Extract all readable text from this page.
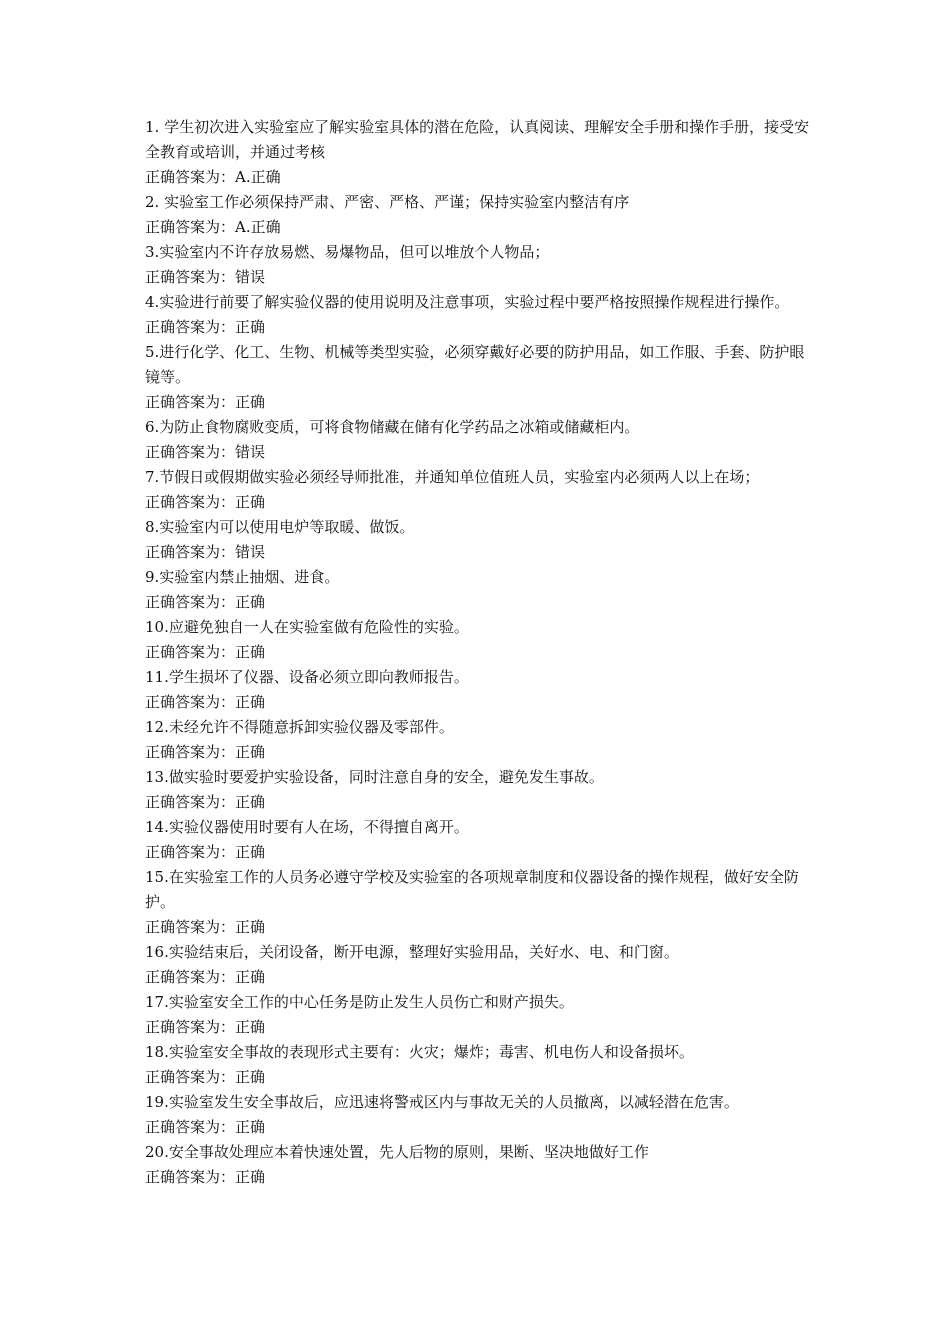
1. 学生初次进入实验室应了解实验室具体的潜在危险，认真阅读、理解安全手册和操作手册，接受安全教育或培训，并通过考核

正确答案为：A.正确

2. 实验室工作必须保持严肃、严密、严格、严谨；保持实验室内整洁有序

正确答案为：A.正确

3.实验室内不许存放易燃、易爆物品，但可以堆放个人物品；

正确答案为：错误

4.实验进行前要了解实验仪器的使用说明及注意事项，实验过程中要严格按照操作规程进行操作。

正确答案为：正确

5.进行化学、化工、生物、机械等类型实验，必须穿戴好必要的防护用品，如工作服、手套、防护眼镜等。

正确答案为：正确

6.为防止食物腐败变质，可将食物储藏在储有化学药品之冰箱或储藏柜内。

正确答案为：错误

7.节假日或假期做实验必须经导师批准，并通知单位值班人员，实验室内必须两人以上在场；

正确答案为：正确

8.实验室内可以使用电炉等取暖、做饭。

正确答案为：错误

9.实验室内禁止抽烟、进食。

正确答案为：正确

10.应避免独自一人在实验室做有危险性的实验。

正确答案为：正确

11.学生损坏了仪器、设备必须立即向教师报告。

正确答案为：正确

12.未经允许不得随意拆卸实验仪器及零部件。

正确答案为：正确

13.做实验时要爱护实验设备，同时注意自身的安全，避免发生事故。

正确答案为：正确

14.实验仪器使用时要有人在场，不得擅自离开。

正确答案为：正确

15.在实验室工作的人员务必遵守学校及实验室的各项规章制度和仪器设备的操作规程，做好安全防护。

正确答案为：正确

16.实验结束后，关闭设备，断开电源，整理好实验用品，关好水、电、和门窗。

正确答案为：正确

17.实验室安全工作的中心任务是防止发生人员伤亡和财产损失。

正确答案为：正确

18.实验室安全事故的表现形式主要有：火灾；爆炸；毒害、机电伤人和设备损坏。

正确答案为：正确

19.实验室发生安全事故后，应迅速将警戒区内与事故无关的人员撤离，以减轻潜在危害。

正确答案为：正确

20.安全事故处理应本着快速处置，先人后物的原则，果断、坚决地做好工作

正确答案为：正确
